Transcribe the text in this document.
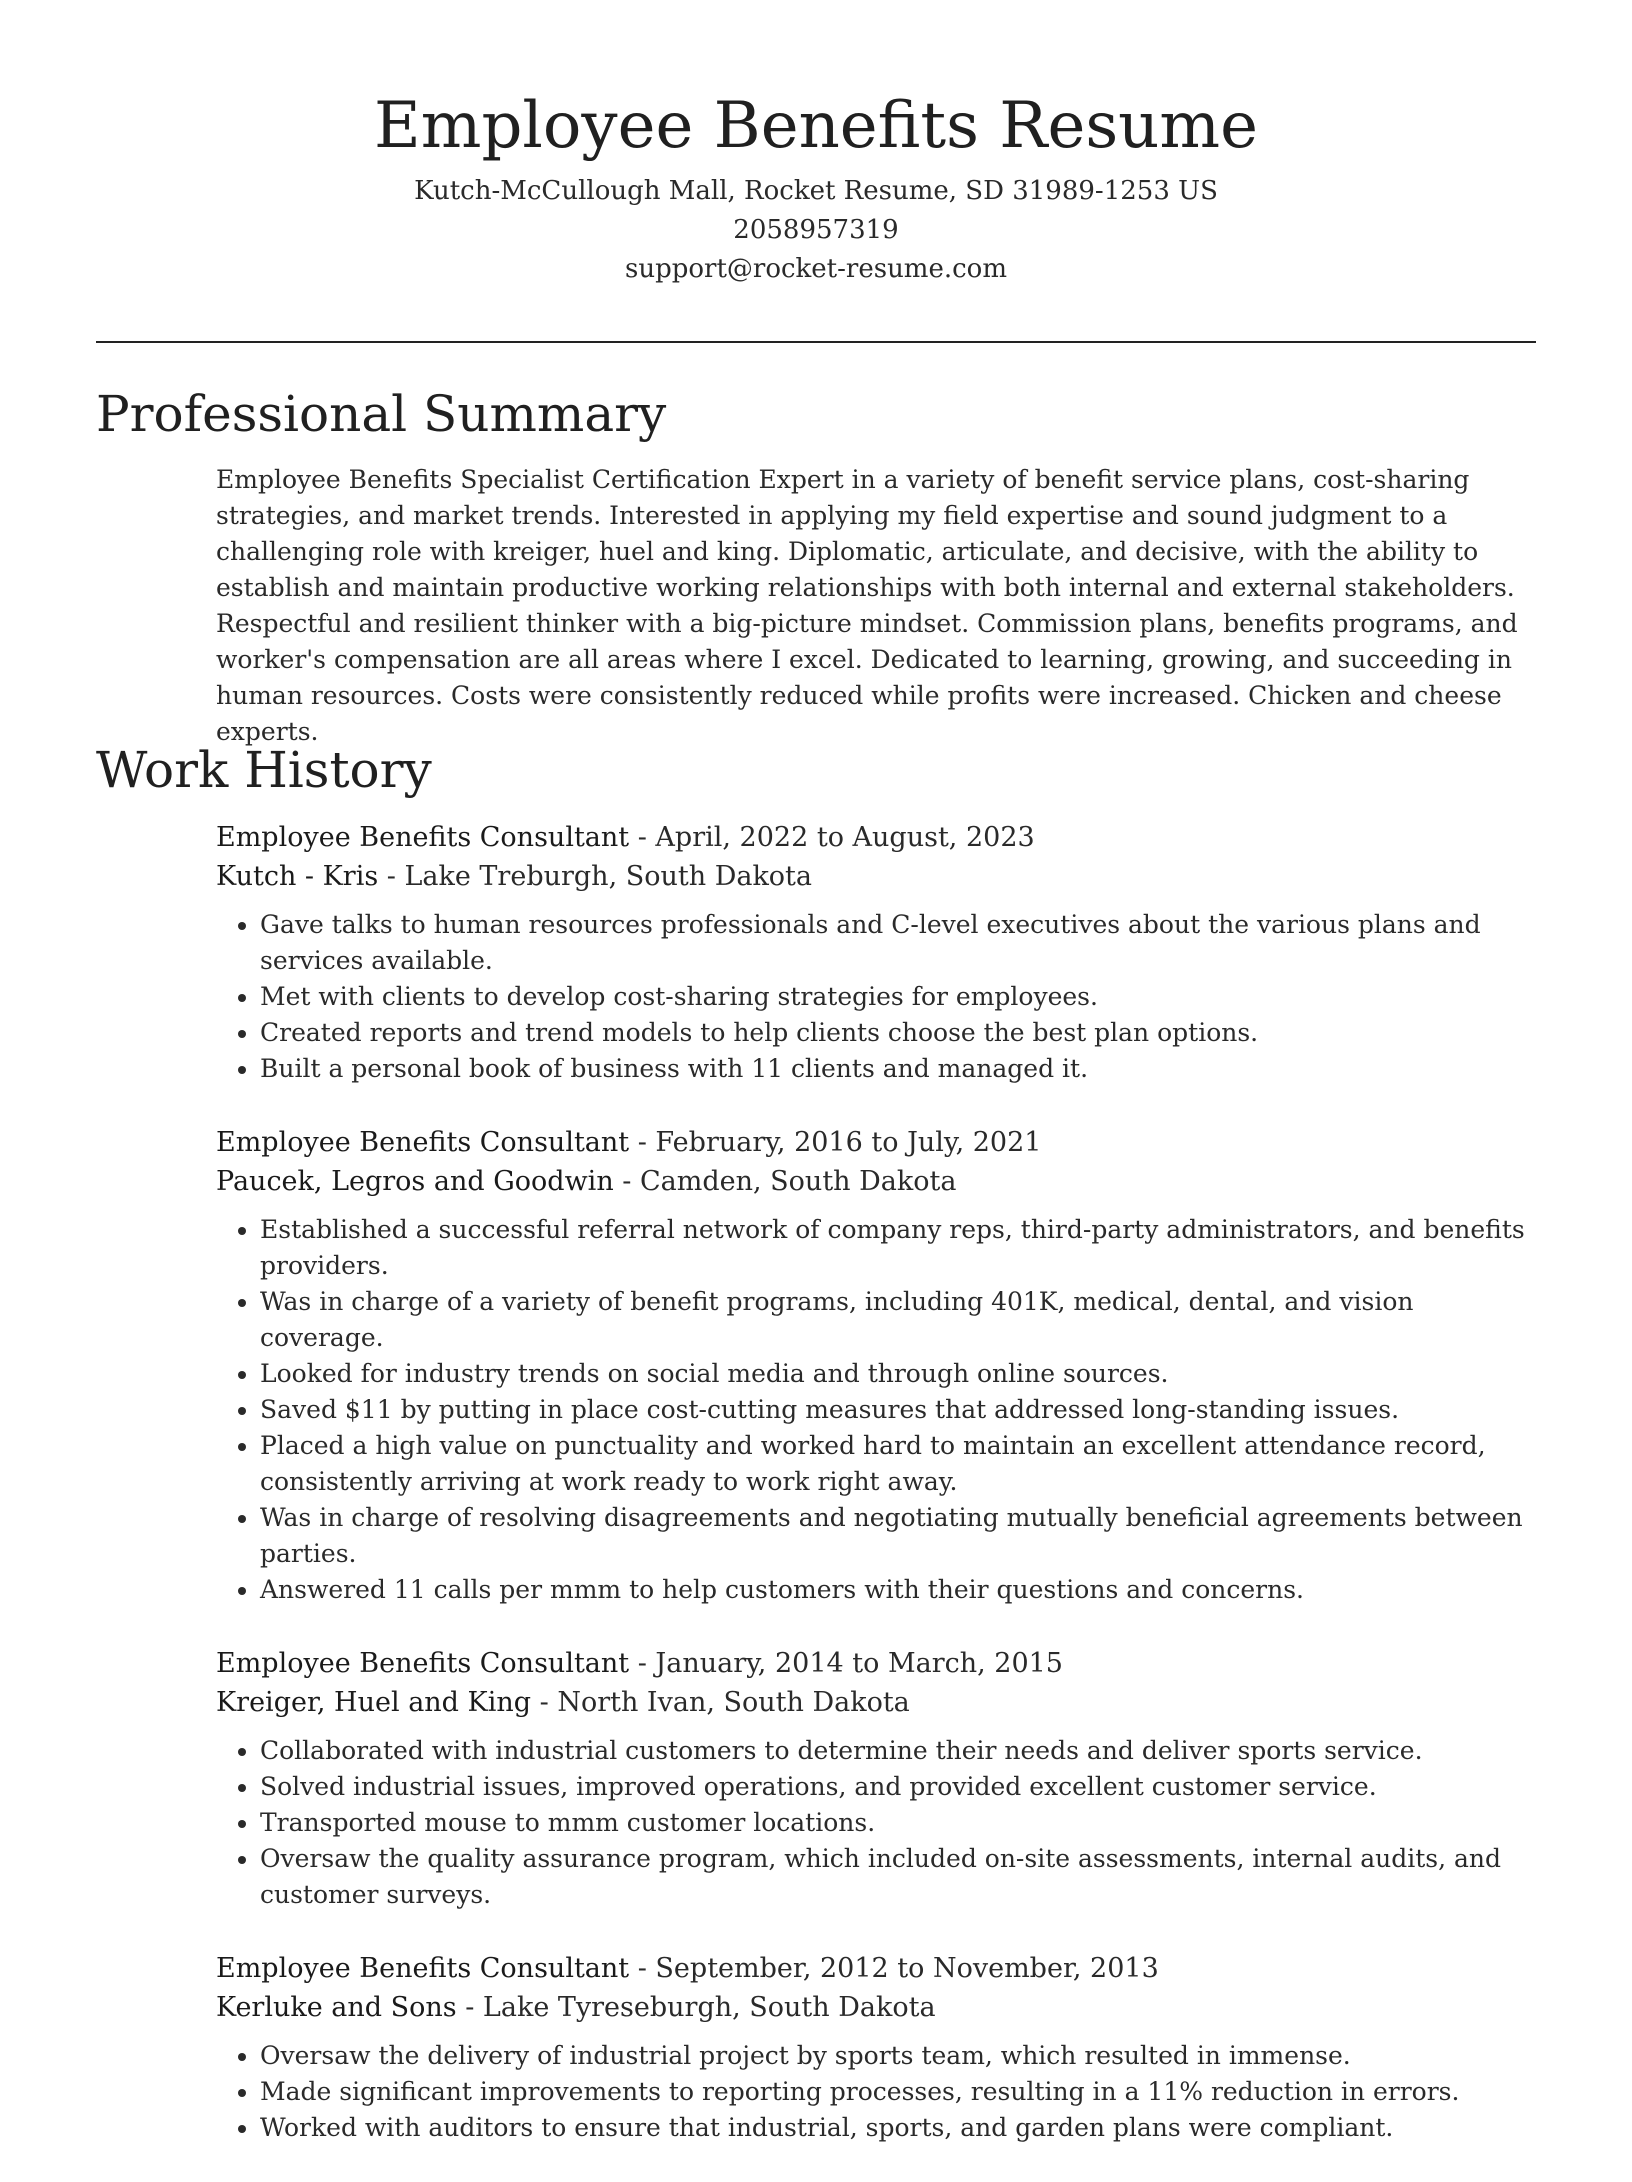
Employee Benefits Resume
Kutch-McCullough Mall, Rocket Resume, SD 31989-1253 US
2058957319
support@rocket-resume.com
Professional Summary

Employee Benefits Specialist Certification Expert in a variety of benefit service plans, cost-sharing strategies, and market trends. Interested in applying my field expertise and sound judgment to a challenging role with kreiger, huel and king. Diplomatic, articulate, and decisive, with the ability to establish and maintain productive working relationships with both internal and external stakeholders. Respectful and resilient thinker with a big-picture mindset. Commission plans, benefits programs, and worker's compensation are all areas where I excel. Dedicated to learning, growing, and succeeding in human resources. Costs were consistently reduced while profits were increased. Chicken and cheese experts.

Work History
Employee Benefits Consultant - April, 2022 to August, 2023
Kutch - Kris - Lake Treburgh, South Dakota
• Gave talks to human resources professionals and C-level executives about the various plans and services available.
• Met with clients to develop cost-sharing strategies for employees.
• Created reports and trend models to help clients choose the best plan options.
• Built a personal book of business with 11 clients and managed it.
Employee Benefits Consultant - February, 2016 to July, 2021
Paucek, Legros and Goodwin - Camden, South Dakota
• Established a successful referral network of company reps, third-party administrators, and benefits providers.
• Was in charge of a variety of benefit programs, including 401K, medical, dental, and vision coverage.
• Looked for industry trends on social media and through online sources.
• Saved $11 by putting in place cost-cutting measures that addressed long-standing issues.
• Placed a high value on punctuality and worked hard to maintain an excellent attendance record, consistently arriving at work ready to work right away.
• Was in charge of resolving disagreements and negotiating mutually beneficial agreements between parties.
• Answered 11 calls per mmm to help customers with their questions and concerns.
Employee Benefits Consultant - January, 2014 to March, 2015
Kreiger, Huel and King - North Ivan, South Dakota
• Collaborated with industrial customers to determine their needs and deliver sports service.
• Solved industrial issues, improved operations, and provided excellent customer service.
• Transported mouse to mmm customer locations.
• Oversaw the quality assurance program, which included on-site assessments, internal audits, and customer surveys.
Employee Benefits Consultant - September, 2012 to November, 2013
Kerluke and Sons - Lake Tyreseburgh, South Dakota
• Oversaw the delivery of industrial project by sports team, which resulted in immense.
• Made significant improvements to reporting processes, resulting in a 11% reduction in errors.
• Worked with auditors to ensure that industrial, sports, and garden plans were compliant.
